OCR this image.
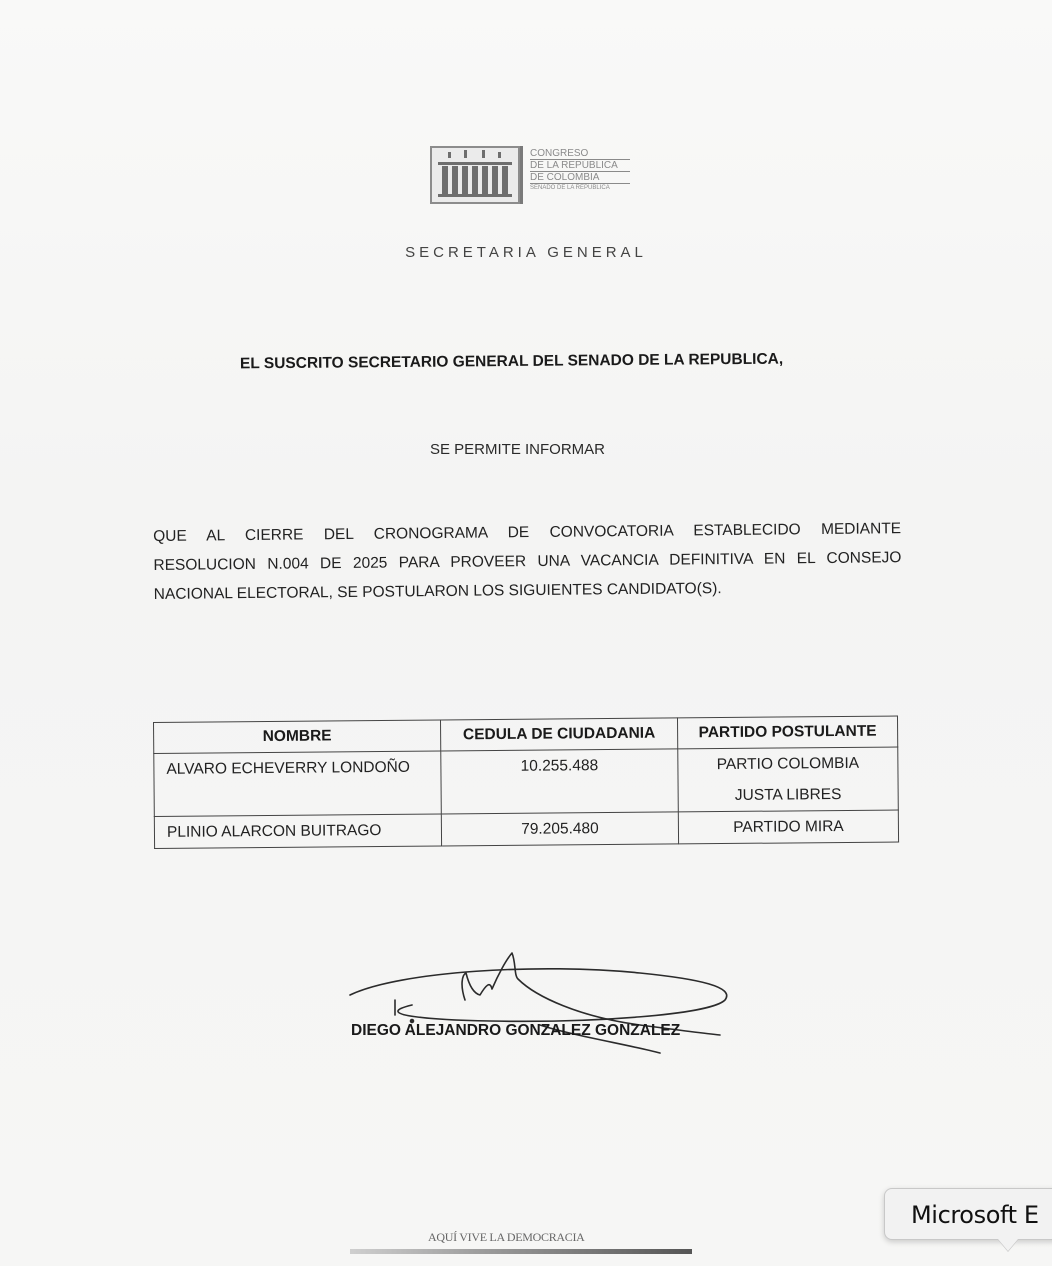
CONGRESO
DE LA REPÚBLICA
DE COLOMBIA
SENADO DE LA REPÚBLICA
SECRETARIA GENERAL
EL SUSCRITO SECRETARIO GENERAL DEL SENADO DE LA REPUBLICA,
SE PERMITE INFORMAR
QUE AL CIERRE DEL CRONOGRAMA DE CONVOCATORIA ESTABLECIDO MEDIANTE
RESOLUCION N.004 DE 2025 PARA PROVEER UNA VACANCIA DEFINITIVA EN EL CONSEJO
NACIONAL ELECTORAL, SE POSTULARON LOS SIGUIENTES CANDIDATO(S).
NOMBRE	CEDULA DE CIUDADANIA	PARTIDO POSTULANTE
ALVARO ECHEVERRY LONDOÑO	10.255.488	PARTIO COLOMBIA
JUSTA LIBRES

PLINIO ALARCON BUITRAGO	79.205.480	PARTIDO MIRA
DIEGO ALEJANDRO GONZALEZ GONZALEZ
AQUÍ VIVE LA DEMOCRACIA
Microsoft E
